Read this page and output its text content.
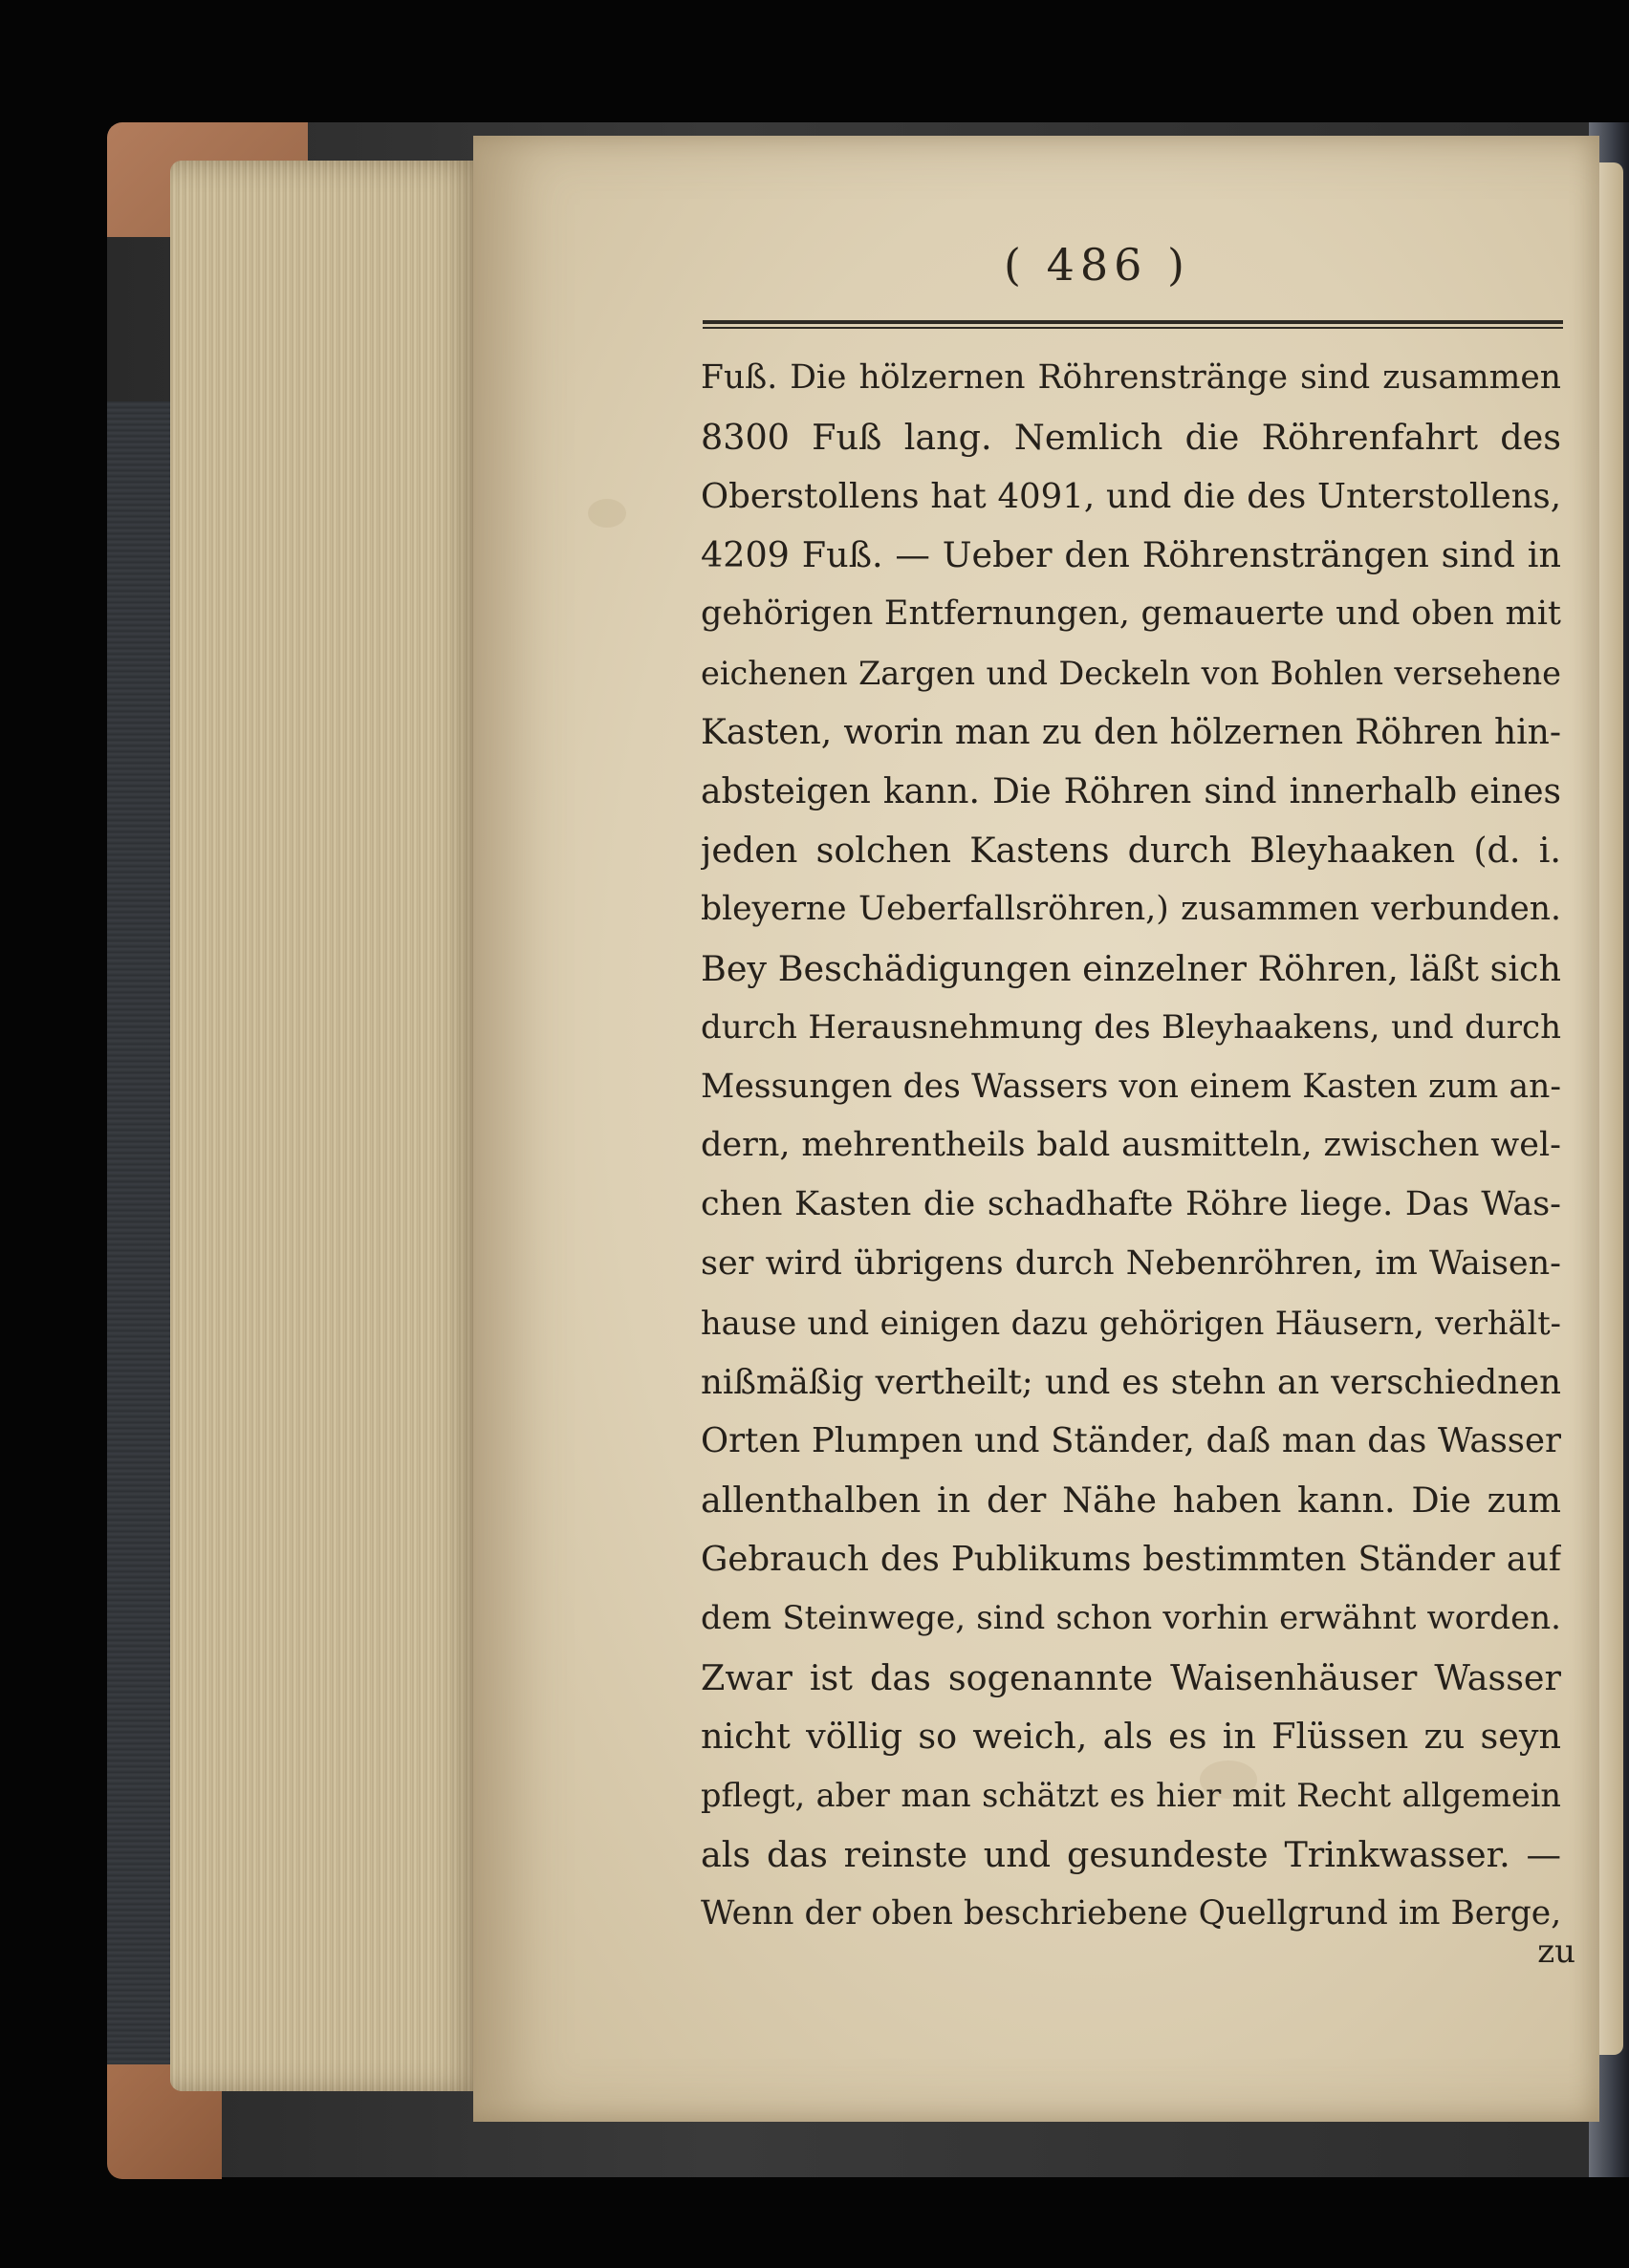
( 486 )
Fuß. Die hölzernen Röhrenstränge sind zusammen
8300 Fuß lang. Nemlich die Röhrenfahrt des
Oberstollens hat 4091, und die des Unterstollens,
4209 Fuß. — Ueber den Röhrensträngen sind in
gehörigen Entfernungen, gemauerte und oben mit
eichenen Zargen und Deckeln von Bohlen versehene
Kasten, worin man zu den hölzernen Röhren hin-
absteigen kann. Die Röhren sind innerhalb eines
jeden solchen Kastens durch Bleyhaaken (d. i.
bleyerne Ueberfallsröhren,) zusammen verbunden.
Bey Beschädigungen einzelner Röhren, läßt sich
durch Herausnehmung des Bleyhaakens, und durch
Messungen des Wassers von einem Kasten zum an-
dern, mehrentheils bald ausmitteln, zwischen wel-
chen Kasten die schadhafte Röhre liege. Das Was-
ser wird übrigens durch Nebenröhren, im Waisen-
hause und einigen dazu gehörigen Häusern, verhält-
nißmäßig vertheilt; und es stehn an verschiednen
Orten Plumpen und Ständer, daß man das Wasser
allenthalben in der Nähe haben kann. Die zum
Gebrauch des Publikums bestimmten Ständer auf
dem Steinwege, sind schon vorhin erwähnt worden.
Zwar ist das sogenannte Waisenhäuser Wasser
nicht völlig so weich, als es in Flüssen zu seyn
pflegt, aber man schätzt es hier mit Recht allgemein
als das reinste und gesundeste Trinkwasser. —
Wenn der oben beschriebene Quellgrund im Berge,
zu
